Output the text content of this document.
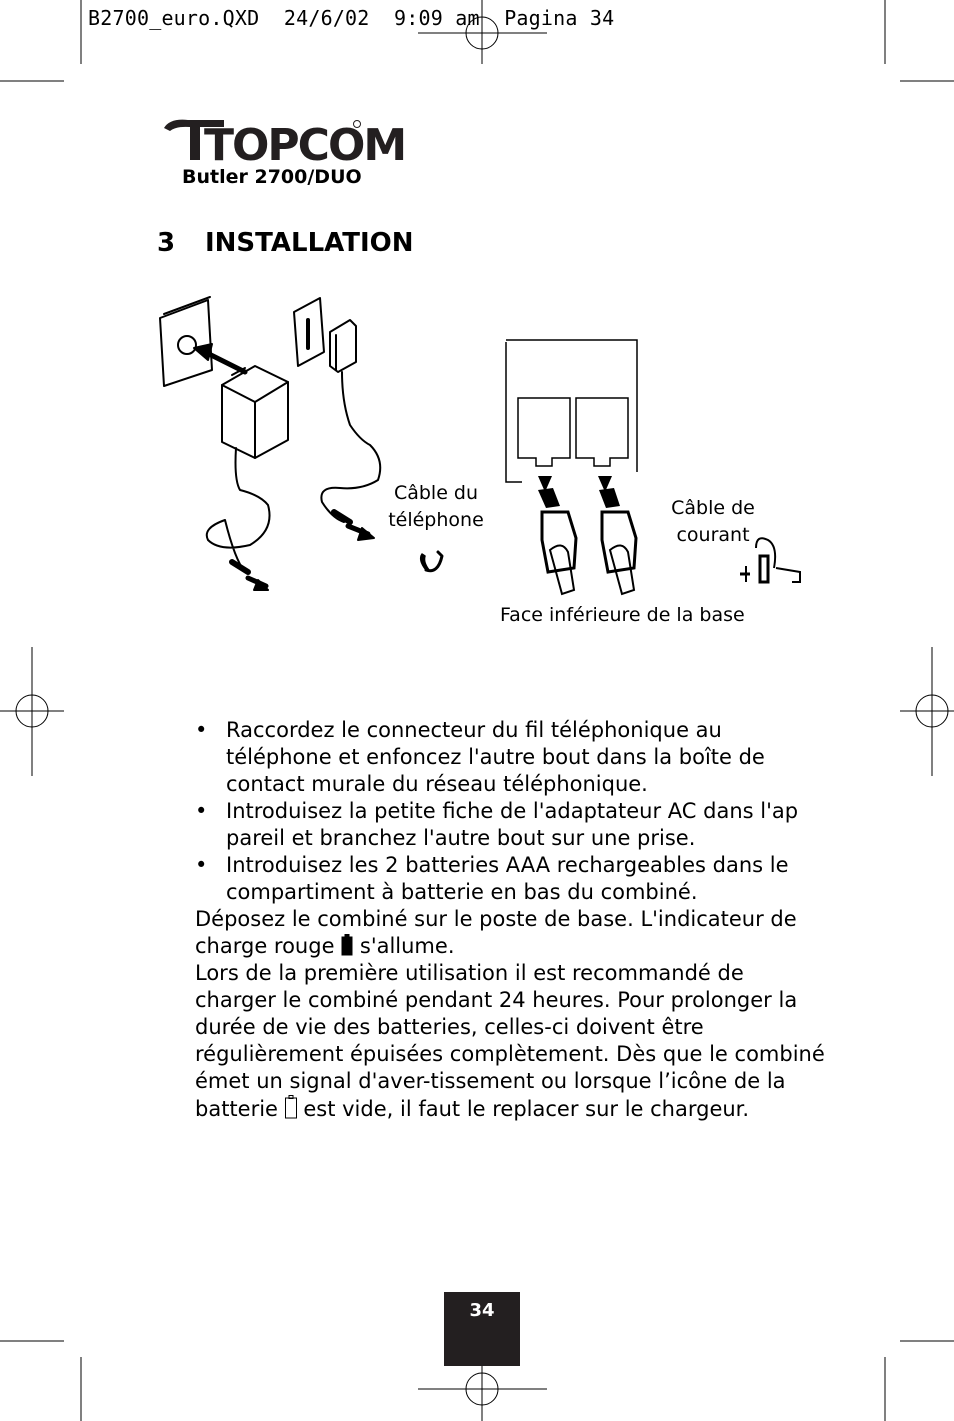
B2700_euro.QXD  24/6/02  9:09 am  Pagina 34
TOPCOM
Butler 2700/DUO
3 INSTALLATION
Câble du téléphone
Câble de courant
Face inférieure de la base
• Raccordez le connecteur du fil téléphonique au téléphone et enfoncez l'autre bout dans la boîte de contact murale du réseau téléphonique.
• Introduisez la petite fiche de l'adaptateur AC dans l'ap pareil et branchez l'autre bout sur une prise.
• Introduisez les 2 batteries AAA rechargeables dans le compartiment à batterie en bas du combiné.
Déposez le combiné sur le poste de base. L'indicateur de charge rouge s'allume.
Lors de la première utilisation il est recommandé de charger le combiné pendant 24 heures. Pour prolonger la durée de vie des batteries, celles-ci doivent être régulièrement épuisées complètement. Dès que le combiné émet un signal d'aver-tissement ou lorsque l’icône de la batterie est vide, il faut le replacer sur le chargeur.
34
